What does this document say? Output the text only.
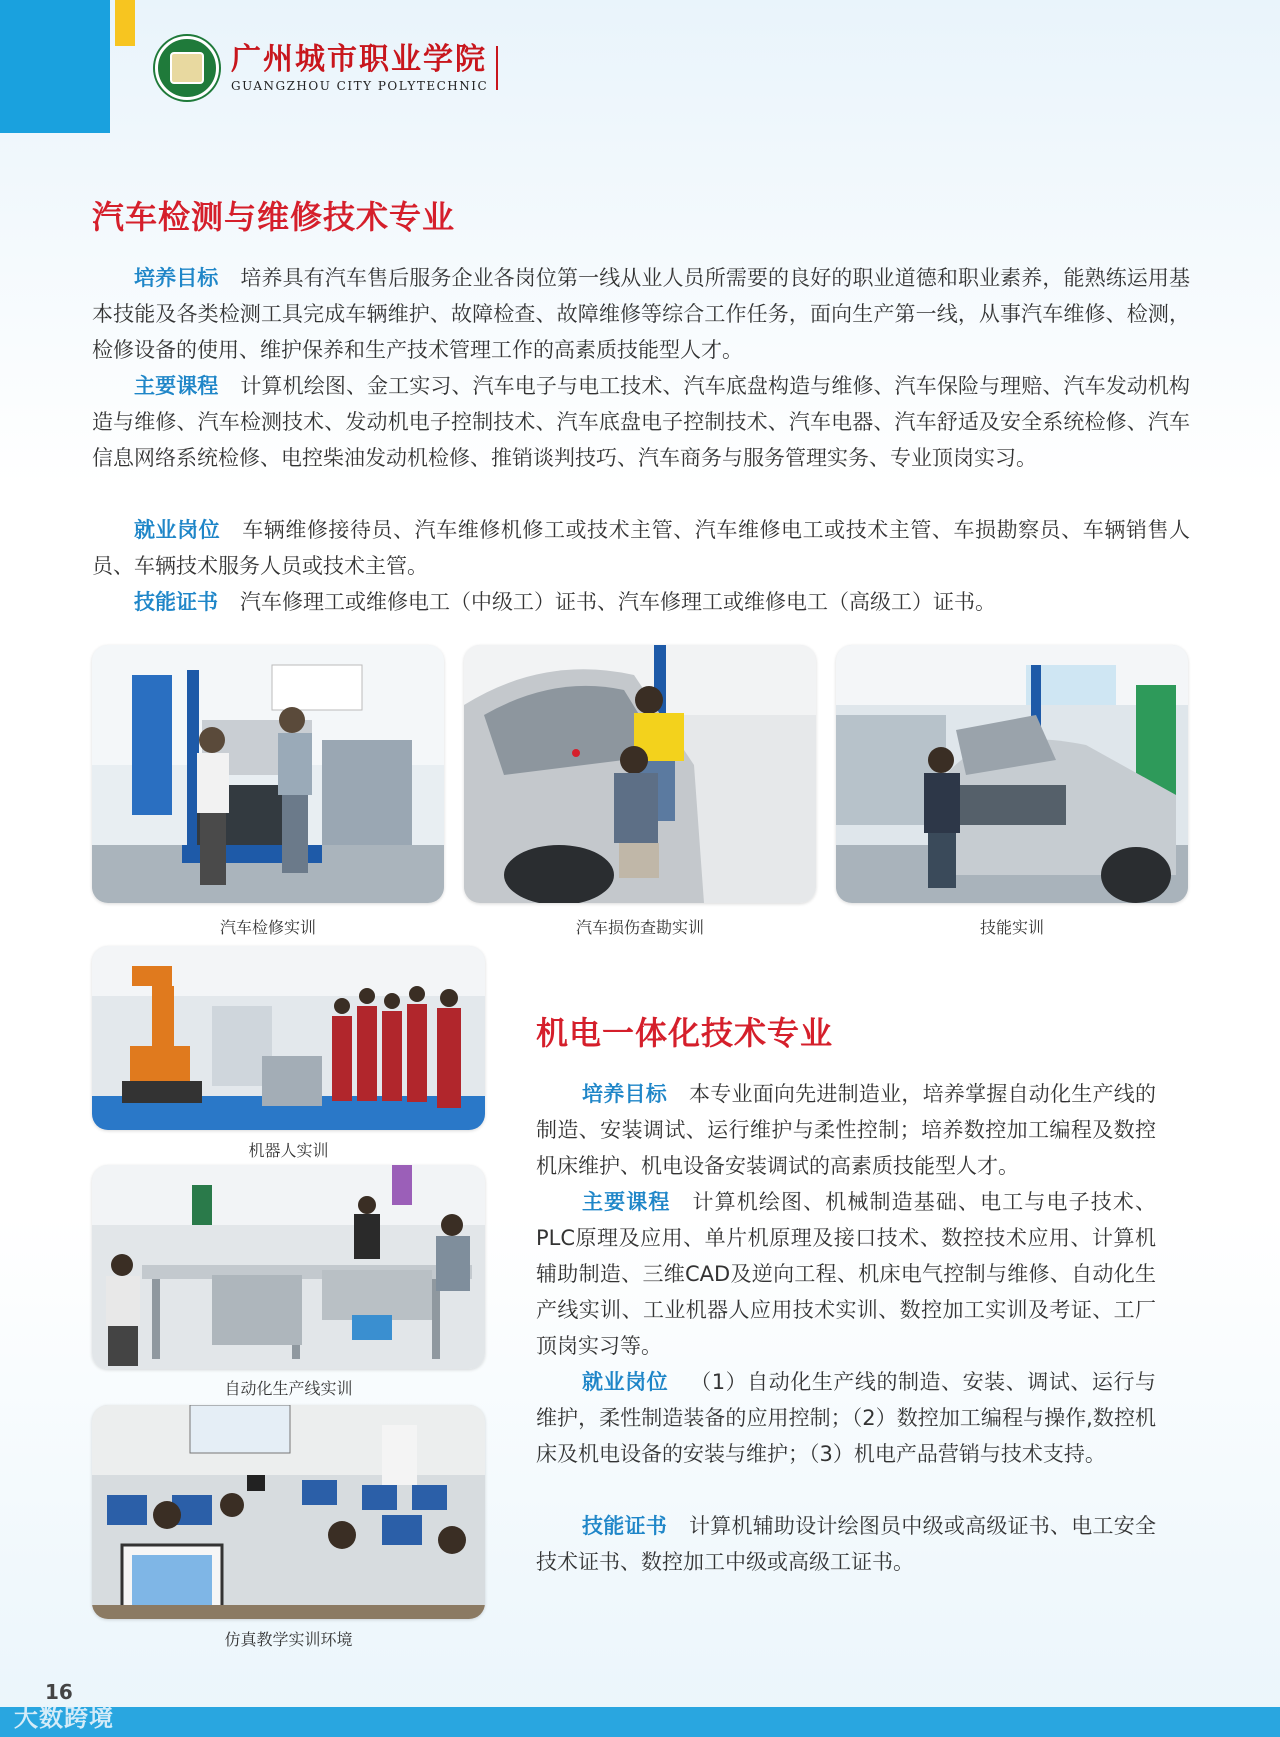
广州城市职业学院
GUANGZHOU CITY POLYTECHNIC
汽车检测与维修技术专业

培养目标 培养具有汽车售后服务企业各岗位第一线从业人员所需要的良好的职业道德和职业素养，能熟练运用基本技能及各类检测工具完成车辆维护、故障检查、故障维修等综合工作任务，面向生产第一线，从事汽车维修、检测，检修设备的使用、维护保养和生产技术管理工作的高素质技能型人才。

主要课程 计算机绘图、金工实习、汽车电子与电工技术、汽车底盘构造与维修、汽车保险与理赔、汽车发动机构造与维修、汽车检测技术、发动机电子控制技术、汽车底盘电子控制技术、汽车电器、汽车舒适及安全系统检修、汽车信息网络系统检修、电控柴油发动机检修、推销谈判技巧、汽车商务与服务管理实务、专业顶岗实习。

就业岗位 车辆维修接待员、汽车维修机修工或技术主管、汽车维修电工或技术主管、车损勘察员、车辆销售人员、车辆技术服务人员或技术主管。

技能证书 汽车修理工或维修电工（中级工）证书、汽车修理工或维修电工（高级工）证书。

汽车检修实训	汽车损伤查勘实训	技能实训
机器人实训
自动化生产线实训
仿真教学实训环境
机电一体化技术专业

培养目标 本专业面向先进制造业，培养掌握自动化生产线的制造、安装调试、运行维护与柔性控制；培养数控加工编程及数控机床维护、机电设备安装调试的高素质技能型人才。

主要课程 计算机绘图、机械制造基础、电工与电子技术、PLC原理及应用、单片机原理及接口技术、数控技术应用、计算机辅助制造、三维CAD及逆向工程、机床电气控制与维修、自动化生产线实训、工业机器人应用技术实训、数控加工实训及考证、工厂顶岗实习等。

就业岗位 （1）自动化生产线的制造、安装、调试、运行与维护，柔性制造装备的应用控制；（2）数控加工编程与操作,数控机床及机电设备的安装与维护；（3）机电产品营销与技术支持。

技能证书 计算机辅助设计绘图员中级或高级证书、电工安全技术证书、数控加工中级或高级工证书。

16
大数跨境
